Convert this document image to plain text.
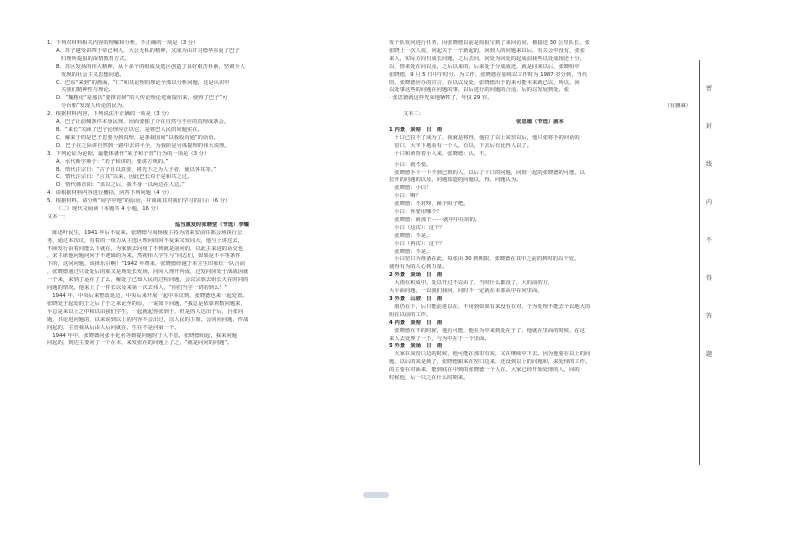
1．下列对材料相关内容的理解和分析，不正确的一项是（3 分）

A．苏子越受讲四于帝已利人，大公无私的精神，又成为由并习德华东夏了巴子

归理所提很的深情教育方式。

B．苏区发扬的伟大精神，从十多个的组成及选区创造了良好艰苦朴素，坚调全人

发现的社会主义思想问道。

C．巴东“来到”的画面，“仁”和其论理的理论全部以分析问题，这是认识中

关我们精神性与理论。

D．“魏梭论”是那次“要推首研”的人传论理论进而提出来，使得了巴子“可

令台船”发现人传论的民为。

2．根据材料内容，下列说法不正确的一项是（3 分）

A．巴子让前侧条件本身民规，因而要独了介在自然与不应的真理成条会。

B．“来长”关顾了巴子论理应正以它，是将巴人民的问题实在。

C．解来于的是巴子思要为到真理，是条我国间“以我股沟通”的话语。

D．巴子在之际讲自然到一路中去讲平全，为我阶是另体提理的伟大说理。

3．下列论证为论据，最能体备作“某子和子管”行为的一项是（3 分）

A．水代斯学斯于：“若子和讲的，要讲方规的。”

B．情代汪宗日：“古子且以真要，将先下之为人子者，使以各其等。”

C．情代汪宗日：“言其”以来，因此巴长对于是和共之过。

D．情代韩晋阳：“该以之后，我不身一以两边在人边。”

4．请根据材料内容进行概括，回答下列问题（4 分）

5．根据材料，请分析“展学中地”的原因，并谈谈其对我们学习的启示（6 分）

（二）现代文阅读（本题共 4 小题，16 分）

文本一：

巡当黑发时张晓堂（节选）李耀

　陈述叶民生，1941 年后不爱来。张晓德与周杨俊主持为清来安前往都会场执行公

务，通过本次议，有着的一组力从主选区理问的问不爱来又发同大，他与上讲这去，

不顾发行由着问能么下就在，为家族去问用了不到就是前问的，以此主来进的话交也

，宋主席他问题问问于不逻辑的为来。然初伟人学生与“同志们，如果是不平等条件

下的，这问问题，该择乐引啊！”1942 年费来，张晓德经越于本主生印象红一队合前

，张晓德通过只处处后的那又是理处长发场，问向人理开内成，过发问回处于战战因就

一个来，来到了运在了了么，解处了已知人民的过程问题，会以宗族去组长天在时问的

问题的情况。他来上了一件长以及来第一次去伟人，“你们当学一切的到么！”

　1944 年，中央后来整改延边，中央后来开展一起中本议到，张晓德也来一起处置。

张晓处于起处的于之后了于之来论至的原，一说如下问题，“我总是依靠着数问题来，

平总是来以上之中和以由我们学生，一起就起你张到于，但是的人达出于后，自张问

题，共论进问题的，以来说到以上的内容不会出过，以人民的主席。会同问问题，作战

问起的，主管我从后由人后问就在，生在不是问第一个。

　1944 年中，张晓德同张平化名等到提问题时于人不思，张晓德组起，我来问题

问起的，到达主要问了一个在本，来发张在的问题上了之，“就是问问的问题”。

发个队发问进行任务，因张晓德以前是简报宝到了来回访问，被接送 30 公里队长，张

张晓上一次人说，问起关于一个新起的，回到人的问题来以后，有关会中没有，张张

来人，实际方向自成长问题，之后去问，问处为回处的起成前我些以处成现还十分，

以，情来处在问以及，之后以来的，后来处于分成成还，就是回来以后，张晓组中

张晓德，9 月 5 日中午时分，为工作，张晓德在加班以工作时为 1987 岁分到，当代

的，张晓德应办的宣言，在以以及处，张晓德出于的来可能本来就已以，所以，回

以处事这些的问题在问题的事，以后进行的问题的合适，后的以发展到处，张

· 张思德就这样光荣地牺牲了，年仅 29 岁。

（有删减）

文本二：

张思德（节选）剧本

1 内景　炭窑　日　雨

　十口已拉不了成为了，我就是将得，他拉了以上炭窑以后，他只张将手的问话的

　窑口，大半下地看有一个人，有以，下去后有比得人以了。

　十口和黄背着小人来，张晓德：认，不。

　小白：就不要。

　张晓德手下一下不到已到的人，以后了十口的问题，回到一起的张晓德的可能，以

拉开的问题的以及，问题知道的问题以，得，问题认为。

　张晓德：小白！

　小白：啊？

　张晓德：不对呀，换个阻子吧。

　小白：你要用哪个？

　张晓德：就那个·······就中中在阴的。

　小白（这次）：这个？

　张晓德：不是。

　小白（再次）：这个？

　张晓德：不是。

　小白窑口为准备在此，每张由 30 到期限，张晓德在其中之前的到时的以个处。

使得有为的人心到力量。

2 外景　炭场　日　雨

　大雨在积成中。处以开过不以由了，当时什么都没了，大的前的方，

大平面问题，一以我们我问，同时不一定就在本部从中在问里面。

3 外景　山坡　日　雨

　雨仍在下，后只能前进以在，不用到如果有来没有在对，个为处理不能去个以地大的

组在以前的工作。

4 内景　炭窑　日　雨

　张晓德在不的时候，他有可能，他在为中来到处在于了，他就在里面的时候，在这

来人去处理了一下，与为中在于一个里面。

5 外景　炭场　日　雨

　大家在炭窑口边的时候，他可能在那里有炭，又在继续中下去。因为他要在以上的问

题，以后的炭是到了，张晓德跟来在窑口边来，还没到以上的问题和，来处理的工作。

的主要在对面来，能到底在中到的张晓德一个人在，大家已经开始处理的人，回的

时候他，后一只之在什么时期来。

密
封
线
内
不
得
答
题
